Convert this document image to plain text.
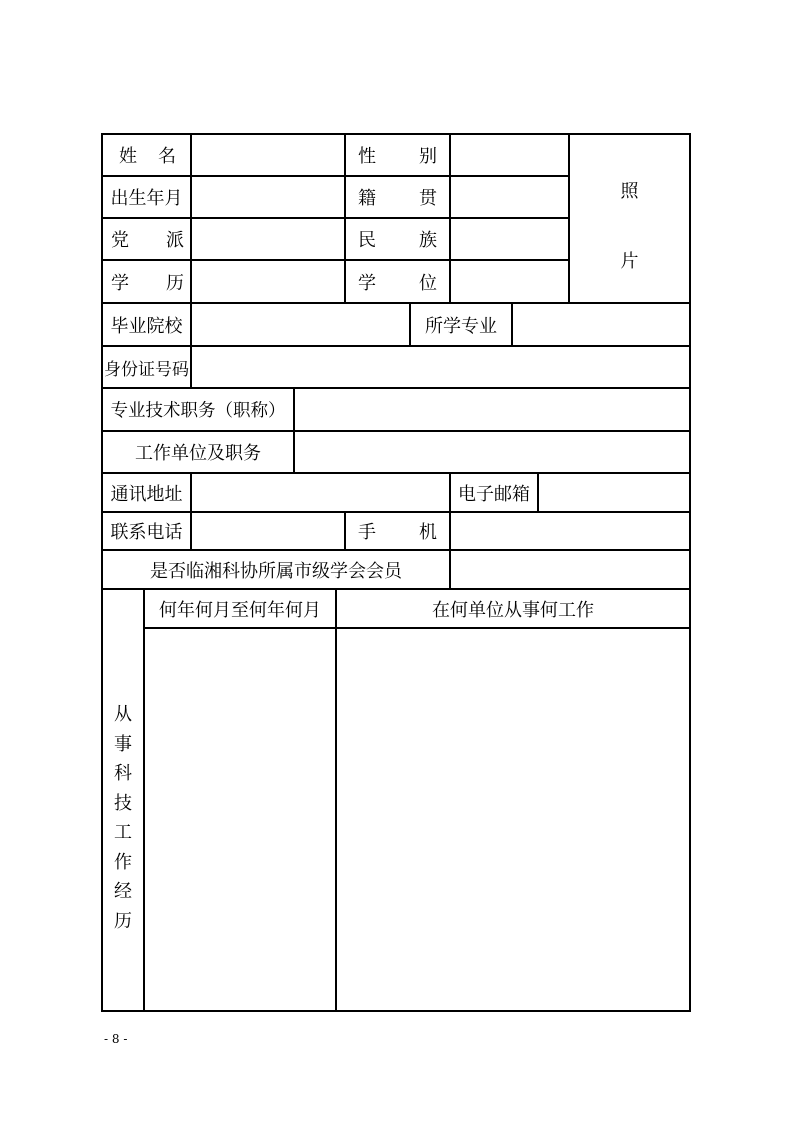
姓 名	性 别
出生年月	籍 贯
党 派	民 族
学 历	学 位
照
片
毕业院校	所学专业
身份证号码
专业技术职务（职称）
工作单位及职务
通讯地址	电子邮箱
联系电话	手 机
是否临湘科协所属市级学会会员
从
事
科
技
工
作
经
历
何年何月至何年何月	在何单位从事何工作
- 8 -
